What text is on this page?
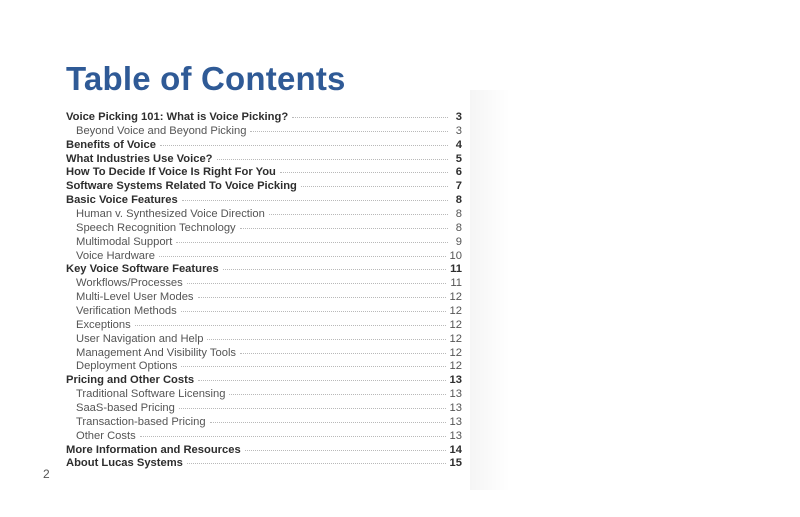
Table of Contents
Voice Picking 101: What is Voice Picking?	3
Beyond Voice and Beyond Picking	3
Benefits of Voice	4
What Industries Use Voice?	5
How To Decide If Voice Is Right For You	6
Software Systems Related To Voice Picking	7
Basic Voice Features	8
Human v. Synthesized Voice Direction	8
Speech Recognition Technology	8
Multimodal Support	9
Voice Hardware	10
Key Voice Software Features	11
Workflows/Processes	11
Multi-Level User Modes	12
Verification Methods	12
Exceptions	12
User Navigation and Help	12
Management And Visibility Tools	12
Deployment Options	12
Pricing and Other Costs	13
Traditional Software Licensing	13
SaaS-based Pricing	13
Transaction-based Pricing	13
Other Costs	13
More Information and Resources	14
About Lucas Systems	15
2
